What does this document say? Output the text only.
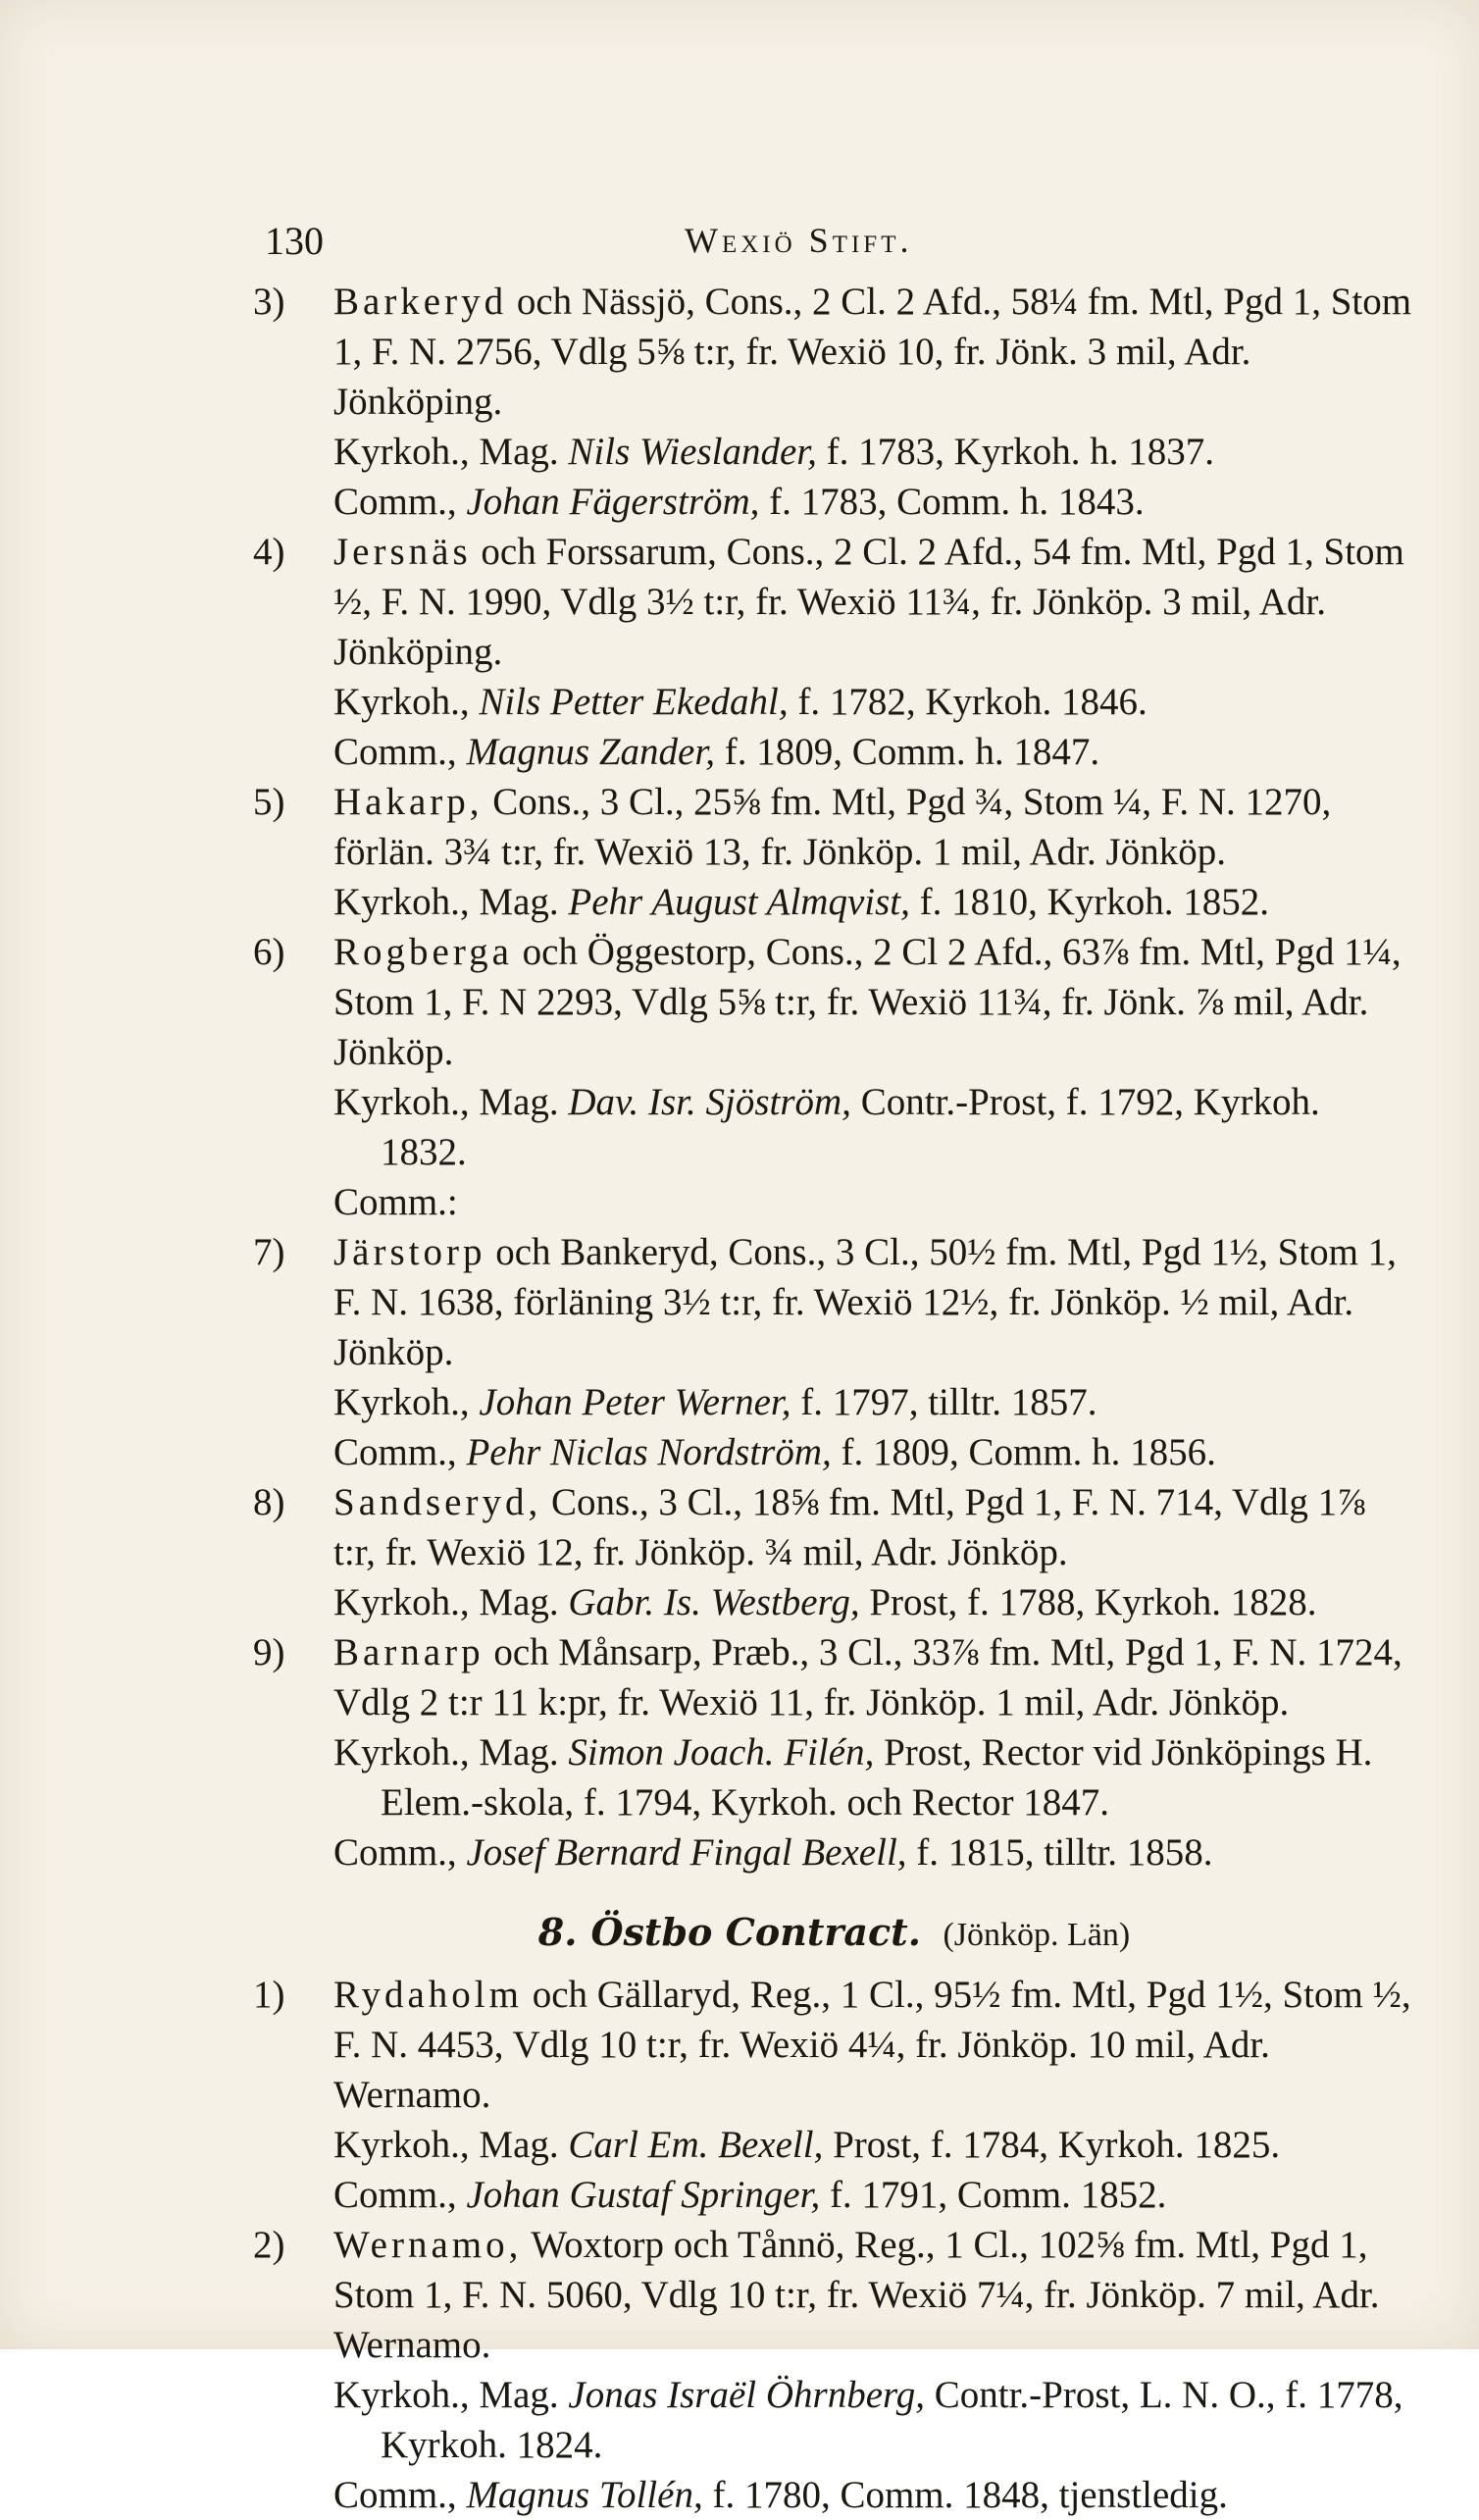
130	Wexiö Stift.
3) Barkeryd och Nässjö, Cons., 2 Cl. 2 Afd., 58¼ fm. Mtl, Pgd 1, Stom 1, F. N. 2756, Vdlg 5⅝ t:r, fr. Wexiö 10, fr. Jönk. 3 mil, Adr. Jönköping.
Kyrkoh., Mag. Nils Wieslander, f. 1783, Kyrkoh. h. 1837.
Comm., Johan Fägerström, f. 1783, Comm. h. 1843.
4) Jersnäs och Forssarum, Cons., 2 Cl. 2 Afd., 54 fm. Mtl, Pgd 1, Stom ½, F. N. 1990, Vdlg 3½ t:r, fr. Wexiö 11¾, fr. Jönköp. 3 mil, Adr. Jönköping.
Kyrkoh., Nils Petter Ekedahl, f. 1782, Kyrkoh. 1846.
Comm., Magnus Zander, f. 1809, Comm. h. 1847.
5) Hakarp, Cons., 3 Cl., 25⅝ fm. Mtl, Pgd ¾, Stom ¼, F. N. 1270, förlän. 3¾ t:r, fr. Wexiö 13, fr. Jönköp. 1 mil, Adr. Jönköp.
Kyrkoh., Mag. Pehr August Almqvist, f. 1810, Kyrkoh. 1852.
6) Rogberga och Öggestorp, Cons., 2 Cl 2 Afd., 63⅞ fm. Mtl, Pgd 1¼, Stom 1, F. N 2293, Vdlg 5⅝ t:r, fr. Wexiö 11¾, fr. Jönk. ⅞ mil, Adr. Jönköp.
Kyrkoh., Mag. Dav. Isr. Sjöström, Contr.-Prost, f. 1792, Kyrkoh. 1832.
Comm.:
7) Järstorp och Bankeryd, Cons., 3 Cl., 50½ fm. Mtl, Pgd 1½, Stom 1, F. N. 1638, förläning 3½ t:r, fr. Wexiö 12½, fr. Jönköp. ½ mil, Adr. Jönköp.
Kyrkoh., Johan Peter Werner, f. 1797, tilltr. 1857.
Comm., Pehr Niclas Nordström, f. 1809, Comm. h. 1856.
8) Sandseryd, Cons., 3 Cl., 18⅝ fm. Mtl, Pgd 1, F. N. 714, Vdlg 1⅞ t:r, fr. Wexiö 12, fr. Jönköp. ¾ mil, Adr. Jönköp.
Kyrkoh., Mag. Gabr. Is. Westberg, Prost, f. 1788, Kyrkoh. 1828.
9) Barnarp och Månsarp, Præb., 3 Cl., 33⅞ fm. Mtl, Pgd 1, F. N. 1724, Vdlg 2 t:r 11 k:pr, fr. Wexiö 11, fr. Jönköp. 1 mil, Adr. Jönköp.
Kyrkoh., Mag. Simon Joach. Filén, Prost, Rector vid Jönköpings H. Elem.-skola, f. 1794, Kyrkoh. och Rector 1847.
Comm., Josef Bernard Fingal Bexell, f. 1815, tilltr. 1858.
8. Östbo Contract. (Jönköp. Län)
1) Rydaholm och Gällaryd, Reg., 1 Cl., 95½ fm. Mtl, Pgd 1½, Stom ½, F. N. 4453, Vdlg 10 t:r, fr. Wexiö 4¼, fr. Jönköp. 10 mil, Adr. Wernamo.
Kyrkoh., Mag. Carl Em. Bexell, Prost, f. 1784, Kyrkoh. 1825.
Comm., Johan Gustaf Springer, f. 1791, Comm. 1852.
2) Wernamo, Woxtorp och Tånnö, Reg., 1 Cl., 102⅝ fm. Mtl, Pgd 1, Stom 1, F. N. 5060, Vdlg 10 t:r, fr. Wexiö 7¼, fr. Jönköp. 7 mil, Adr. Wernamo.
Kyrkoh., Mag. Jonas Israël Öhrnberg, Contr.-Prost, L. N. O., f. 1778, Kyrkoh. 1824.
Comm., Magnus Tollén, f. 1780, Comm. 1848, tjenstledig.
